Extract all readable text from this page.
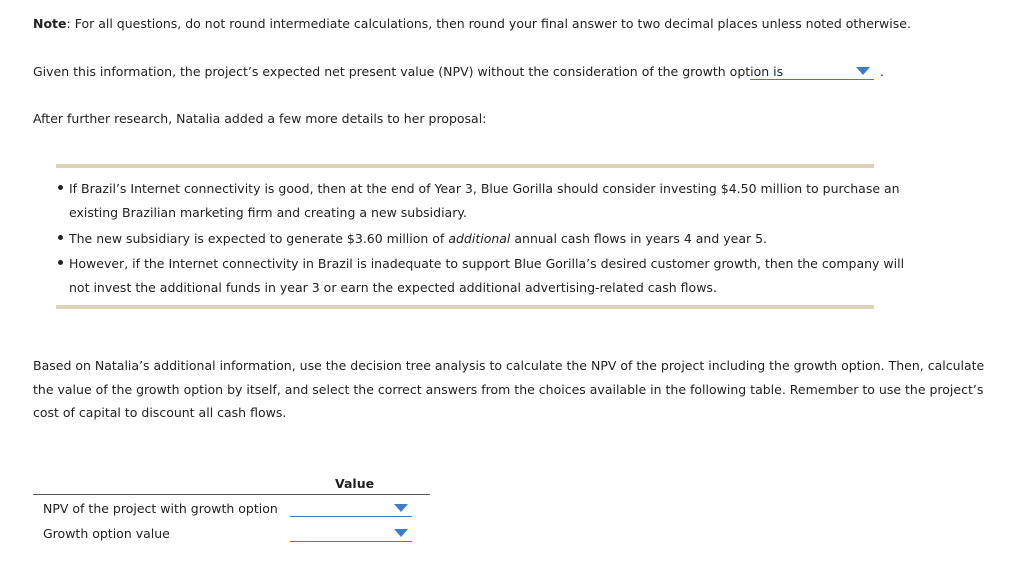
Note: For all questions, do not round intermediate calculations, then round your final answer to two decimal places unless noted otherwise.
Given this information, the project’s expected net present value (NPV) without the consideration of the growth option is	.
After further research, Natalia added a few more details to her proposal:
If Brazil’s Internet connectivity is good, then at the end of Year 3, Blue Gorilla should consider investing $4.50 million to purchase an
existing Brazilian marketing firm and creating a new subsidiary.
The new subsidiary is expected to generate $3.60 million of additional annual cash flows in years 4 and year 5.
However, if the Internet connectivity in Brazil is inadequate to support Blue Gorilla’s desired customer growth, then the company will
not invest the additional funds in year 3 or earn the expected additional advertising-related cash flows.
Based on Natalia’s additional information, use the decision tree analysis to calculate the NPV of the project including the growth option. Then, calculate
the value of the growth option by itself, and select the correct answers from the choices available in the following table. Remember to use the project’s
cost of capital to discount all cash flows.
Value
NPV of the project with growth option
Growth option value
